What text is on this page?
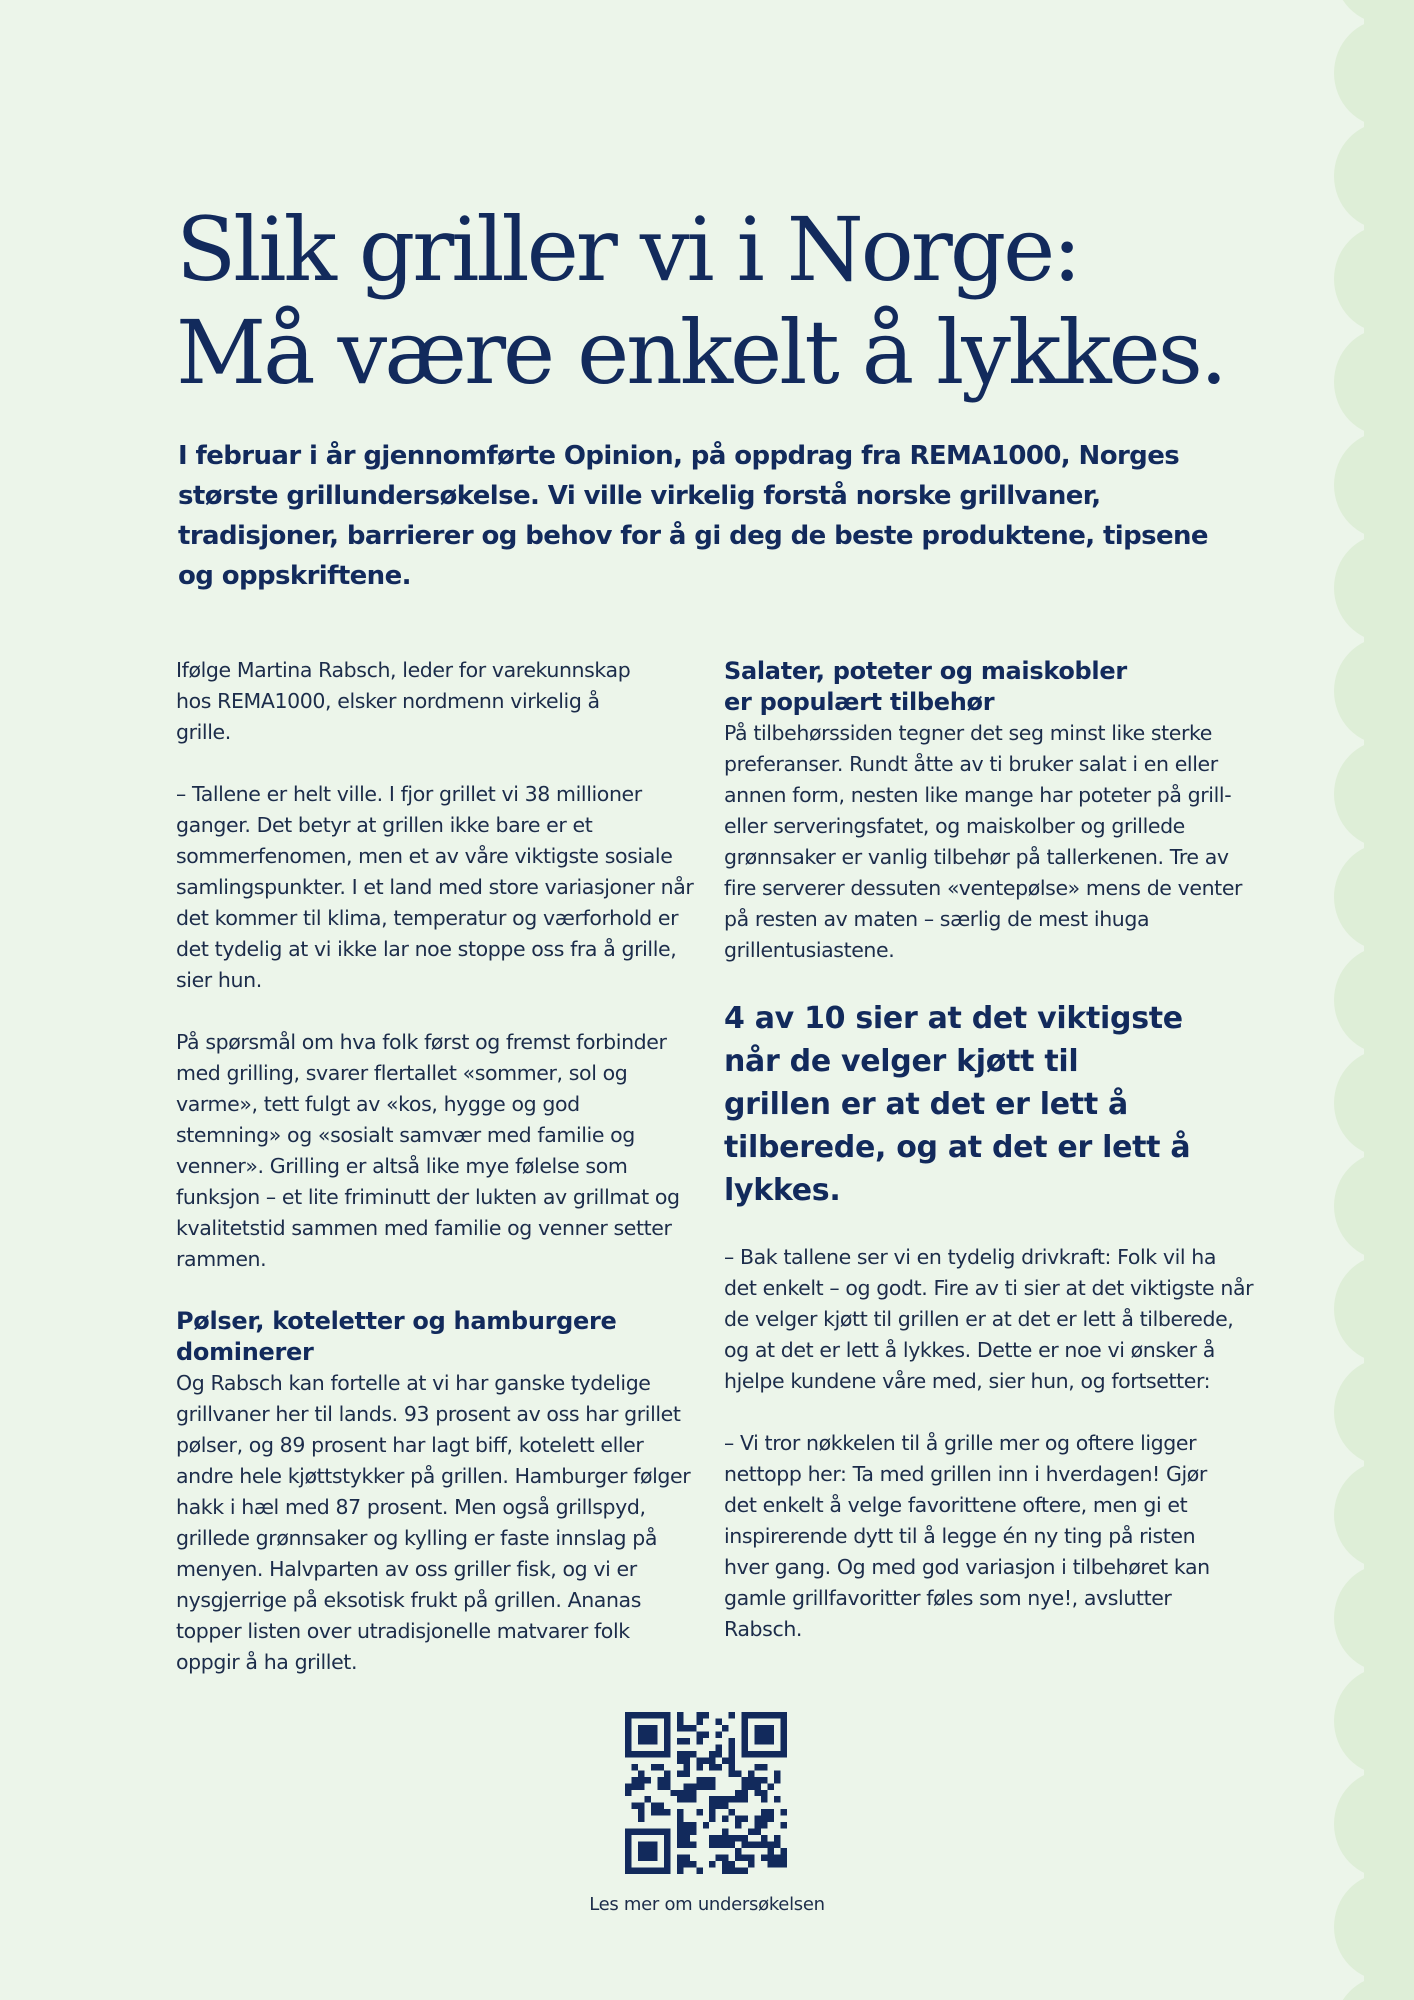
Slik griller vi i Norge:
Må være enkelt å lykkes.

I februar i år gjennomførte Opinion, på oppdrag fra REMA1000, Norges største grillundersøkelse. Vi ville virkelig forstå norske grillvaner, tradisjoner, barrierer og behov for å gi deg de beste produktene, tipsene og oppskriftene.

Ifølge Martina Rabsch, leder for varekunnskap hos REMA1000, elsker nordmenn virkelig å grille.

– Tallene er helt ville. I fjor grillet vi 38 millioner ganger. Det betyr at grillen ikke bare er et sommerfenomen, men et av våre viktigste sosiale samlingspunkter. I et land med store variasjoner når det kommer til klima, temperatur og værforhold er det tydelig at vi ikke lar noe stoppe oss fra å grille, sier hun.

På spørsmål om hva folk først og fremst forbinder med grilling, svarer flertallet «sommer, sol og varme», tett fulgt av «kos, hygge og god stemning» og «sosialt samvær med familie og venner». Grilling er altså like mye følelse som funksjon – et lite friminutt der lukten av grillmat og kvalitetstid sammen med familie og venner setter rammen.

Pølser, koteletter og hamburgere dominerer

Og Rabsch kan fortelle at vi har ganske tydelige grillvaner her til lands. 93 prosent av oss har grillet pølser, og 89 prosent har lagt biff, kotelett eller andre hele kjøttstykker på grillen. Hamburger følger hakk i hæl med 87 prosent. Men også grillspyd, grillede grønnsaker og kylling er faste innslag på menyen. Halvparten av oss griller fisk, og vi er nysgjerrige på eksotisk frukt på grillen. Ananas topper listen over utradisjonelle matvarer folk oppgir å ha grillet.

Salater, poteter og maiskobler er populært tilbehør

På tilbehørssiden tegner det seg minst like sterke preferanser. Rundt åtte av ti bruker salat i en eller annen form, nesten like mange har poteter på grill- eller serveringsfatet, og maiskolber og grillede grønnsaker er vanlig tilbehør på tallerkenen. Tre av fire serverer dessuten «ventepølse» mens de venter på resten av maten – særlig de mest ihuga grillentusiastene.

4 av 10 sier at det viktigste når de velger kjøtt til grillen er at det er lett å tilberede, og at det er lett å lykkes.

– Bak tallene ser vi en tydelig drivkraft: Folk vil ha det enkelt – og godt. Fire av ti sier at det viktigste når de velger kjøtt til grillen er at det er lett å tilberede, og at det er lett å lykkes. Dette er noe vi ønsker å hjelpe kundene våre med, sier hun, og fortsetter:

– Vi tror nøkkelen til å grille mer og oftere ligger nettopp her: Ta med grillen inn i hverdagen! Gjør det enkelt å velge favorittene oftere, men gi et inspirerende dytt til å legge én ny ting på risten hver gang. Og med god variasjon i tilbehøret kan gamle grillfavoritter føles som nye!, avslutter Rabsch.

Les mer om undersøkelsen
